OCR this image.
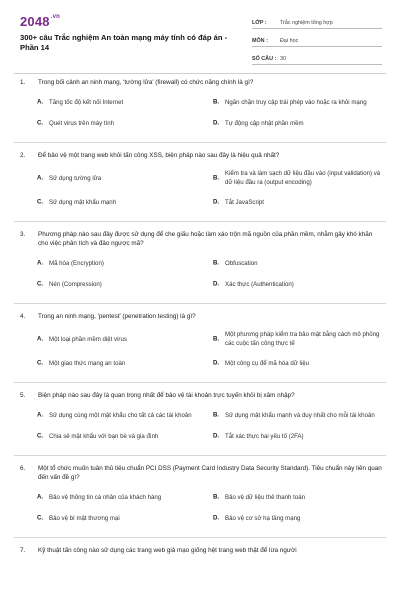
$2048^{.vn}$
300+ câu Trắc nghiệm An toàn mạng máy tính có đáp án - Phần 14
LỚP :	Trắc nghiệm tổng hợp
MÔN :	Đại học
SỐ CÂU : 30
1. Trong bối cảnh an ninh mạng, 'tường lửa' (firewall) có chức năng chính là gì?
A. Tăng tốc độ kết nối Internet	B. Ngăn chặn truy cập trái phép vào hoặc ra khỏi mạng
C. Quét virus trên máy tính	D. Tự động cập nhật phần mềm
2. Để bảo vệ một trang web khỏi tấn công XSS, biện pháp nào sau đây là hiệu quả nhất?
A. Sử dụng tường lửa	B.
Kiểm tra và làm sạch dữ liệu đầu vào (input validation) và dữ liệu đầu ra (output encoding)
C. Sử dụng mật khẩu mạnh	D. Tắt JavaScript
3. Phương pháp nào sau đây được sử dụng để che giấu hoặc làm xáo trộn mã nguồn của phần mềm, nhằm gây khó khăn cho việc phân tích và đảo ngược mã?
A. Mã hóa (Encryption)	B. Obfuscation
C. Nén (Compression)	D. Xác thực (Authentication)
4. Trong an ninh mạng, 'pentest' (penetration testing) là gì?
A. Một loại phần mềm diệt virus	B.
Một phương pháp kiểm tra bảo mật bằng cách mô phỏng các cuộc tấn công thực tế
C. Một giao thức mạng an toàn	D. Một công cụ để mã hóa dữ liệu
5. Biện pháp nào sau đây là quan trọng nhất để bảo vệ tài khoản trực tuyến khỏi bị xâm nhập?
A. Sử dụng cùng một mật khẩu cho tất cả các tài khoản	B. Sử dụng mật khẩu mạnh và duy nhất cho mỗi tài khoản
C. Chia sẻ mật khẩu với bạn bè và gia đình	D. Tắt xác thực hai yếu tố (2FA)
6. Một tổ chức muốn tuân thủ tiêu chuẩn PCI DSS (Payment Card Industry Data Security Standard). Tiêu chuẩn này liên quan đến vấn đề gì?
A. Bảo vệ thông tin cá nhân của khách hàng	B. Bảo vệ dữ liệu thẻ thanh toán
C. Bảo vệ bí mật thương mại	D. Bảo vệ cơ sở hạ tầng mạng
7. Kỹ thuật tấn công nào sử dụng các trang web giả mạo giống hệt trang web thật để lừa người
